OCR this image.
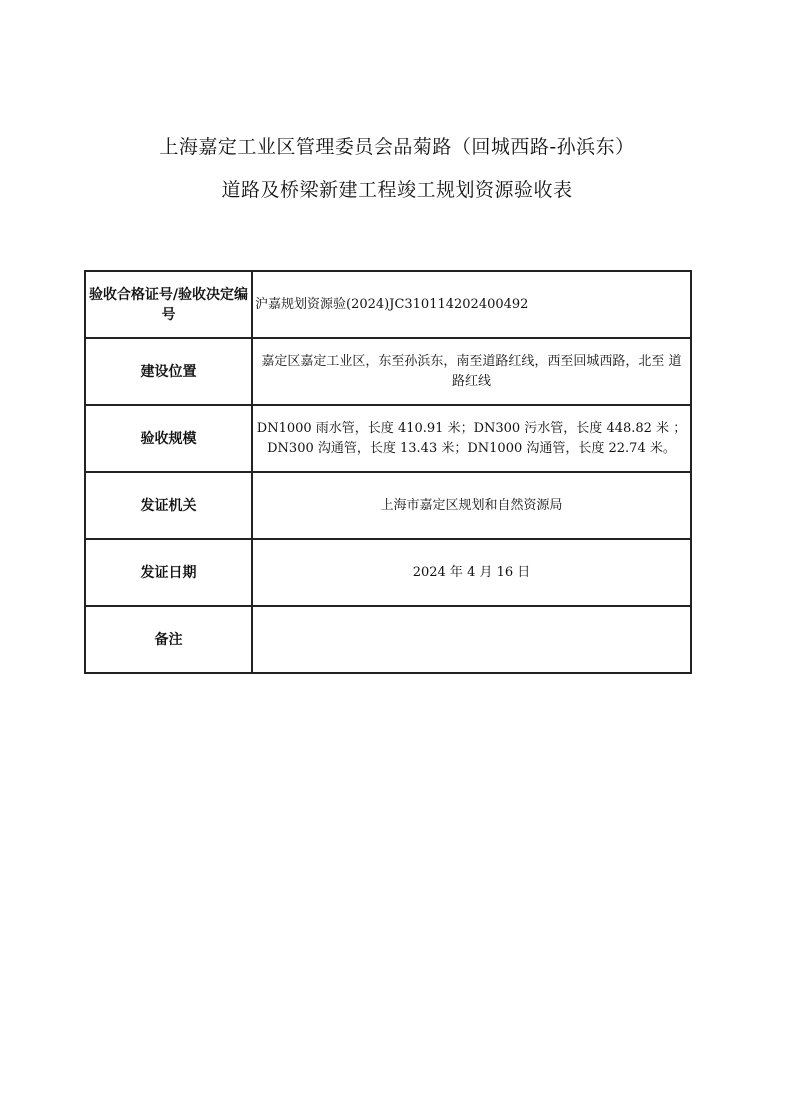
上海嘉定工业区管理委员会品菊路（回城西路-孙浜东）
道路及桥梁新建工程竣工规划资源验收表
验收合格证号/验收决定编号	沪嘉规划资源验(2024)JC310114202400492
建设位置	嘉定区嘉定工业区，东至孙浜东，南至道路红线，西至回城西路，北至 道路红线
验收规模	DN1000 雨水管，长度 410.91 米；DN300 污水管，长度 448.82 米 ；DN300 沟通管，长度 13.43 米；DN1000 沟通管，长度 22.74 米。
发证机关	上海市嘉定区规划和自然资源局
发证日期	2024 年 4 月 16 日
备注	
